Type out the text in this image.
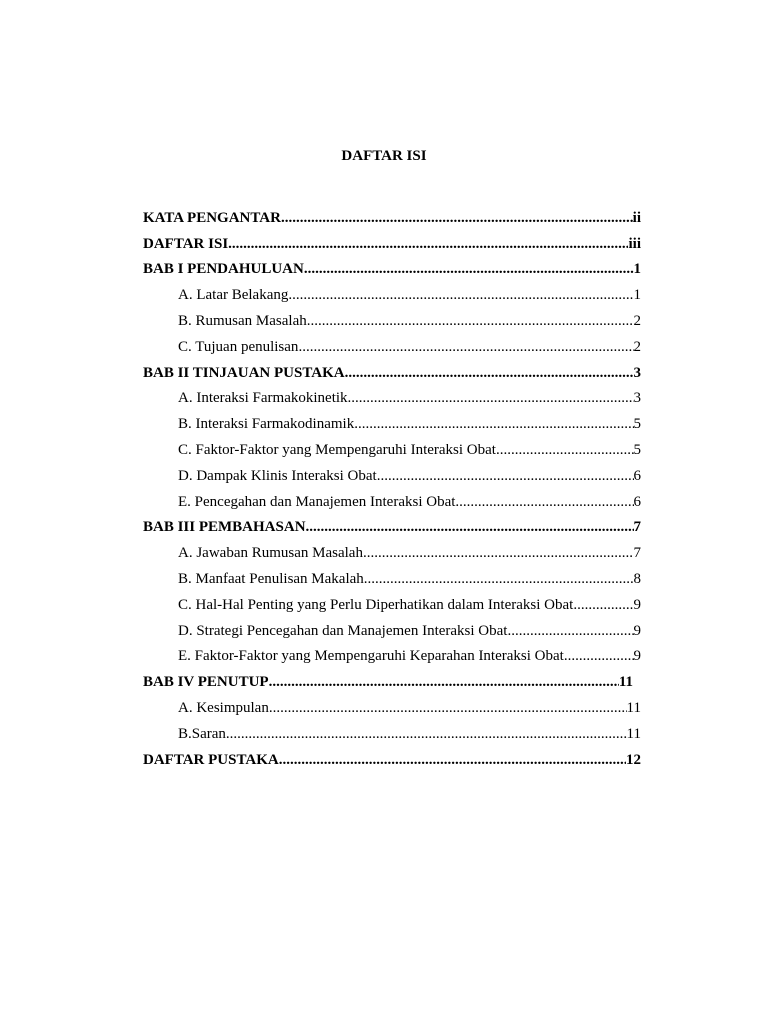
DAFTAR ISI
KATA PENGANTAR .....	ii
DAFTAR ISI .....	iii
BAB I PENDAHULUAN .....	1
A. Latar Belakang .....	1
B. Rumusan Masalah .....	2
C. Tujuan penulisan .....	2
BAB II TINJAUAN PUSTAKA .....	3
A. Interaksi Farmakokinetik .....	3
B. Interaksi Farmakodinamik .....	5
C. Faktor-Faktor yang Mempengaruhi Interaksi Obat .....	5
D. Dampak Klinis Interaksi Obat .....	6
E. Pencegahan dan Manajemen Interaksi Obat .....	6
BAB III PEMBAHASAN .....	7
A. Jawaban Rumusan Masalah .....	7
B. Manfaat Penulisan Makalah .....	8
C. Hal-Hal Penting yang Perlu Diperhatikan dalam Interaksi Obat .....	9
D. Strategi Pencegahan dan Manajemen Interaksi Obat .....	9
E. Faktor-Faktor yang Mempengaruhi Keparahan Interaksi Obat .....	9
BAB IV PENUTUP .....	11
A. Kesimpulan .....	11
B.Saran .....	11
DAFTAR PUSTAKA .....	12
